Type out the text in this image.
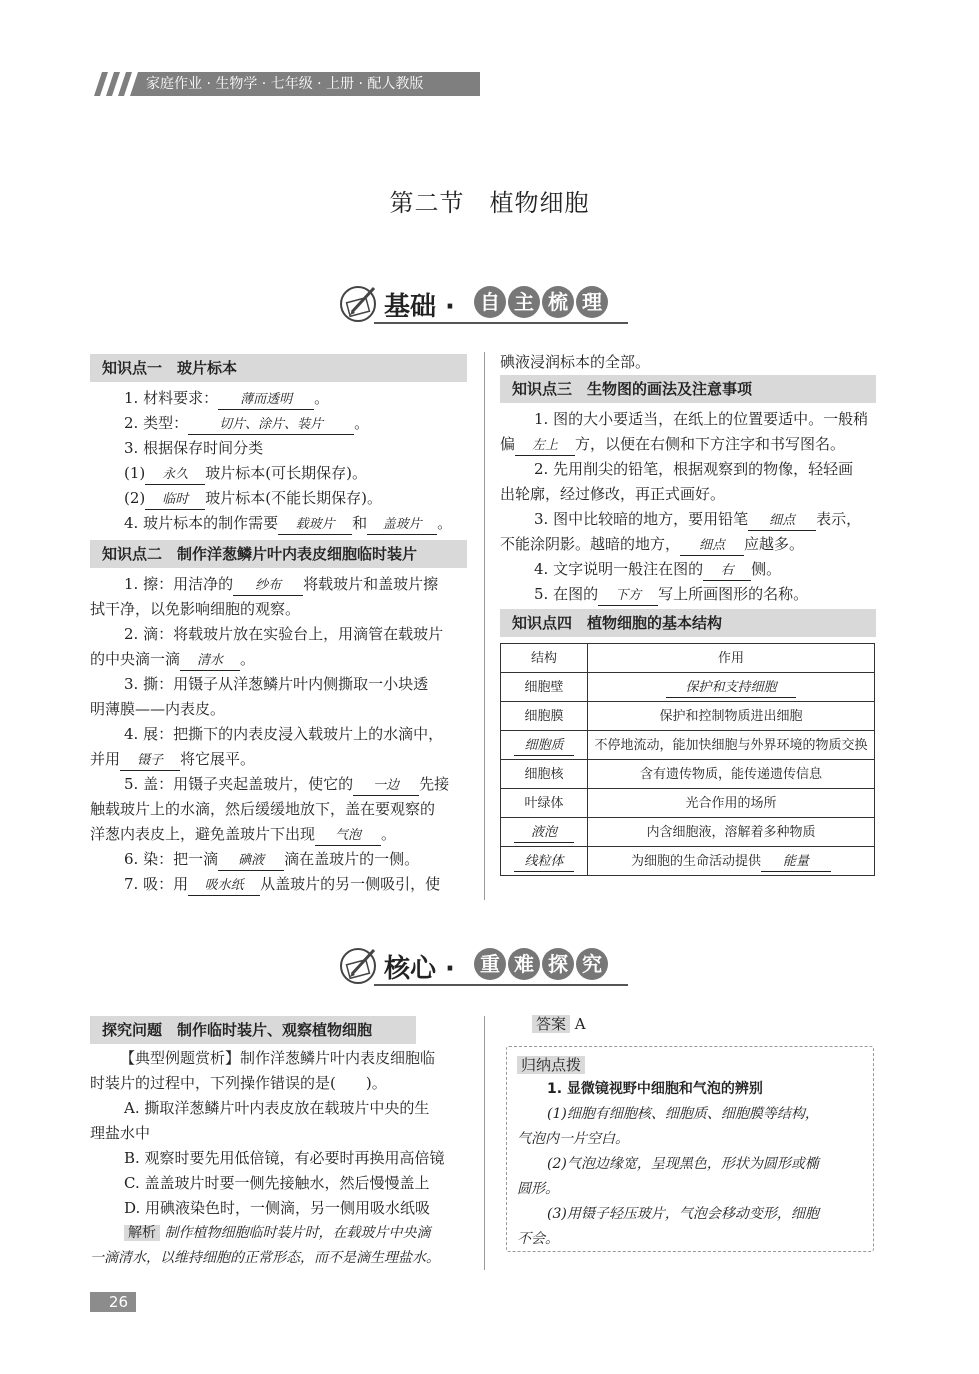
家庭作业 · 生物学 · 七年级 · 上册 · 配人教版
第二节　植物细胞
基础 ·	自 主 梳 理
知识点一　玻片标本

1. 材料要求： 薄而透明 。

2. 类型： 切片、涂片、装片 。

3. 根据保存时间分类

(1) 永久 玻片标本(可长期保存)。

(2) 临时 玻片标本(不能长期保存)。

4. 玻片标本的制作需要 载玻片 和 盖玻片 。

知识点二　制作洋葱鳞片叶内表皮细胞临时装片

1. 擦：用洁净的 纱布 将载玻片和盖玻片擦

拭干净，以免影响细胞的观察。

2. 滴：将载玻片放在实验台上，用滴管在载玻片

的中央滴一滴 清水 。

3. 撕：用镊子从洋葱鳞片叶内侧撕取一小块透

明薄膜——内表皮。

4. 展：把撕下的内表皮浸入载玻片上的水滴中，

并用 镊子 将它展平。

5. 盖：用镊子夹起盖玻片，使它的 一边 先接

触载玻片上的水滴，然后缓缓地放下，盖在要观察的

洋葱内表皮上，避免盖玻片下出现 气泡 。

6. 染：把一滴 碘液 滴在盖玻片的一侧。

7. 吸：用 吸水纸 从盖玻片的另一侧吸引，使

碘液浸润标本的全部。

知识点三　生物图的画法及注意事项

1. 图的大小要适当，在纸上的位置要适中。一般稍

偏 左上 方，以便在右侧和下方注字和书写图名。

2. 先用削尖的铅笔，根据观察到的物像，轻轻画

出轮廓，经过修改，再正式画好。

3. 图中比较暗的地方，要用铅笔 细点 表示，

不能涂阴影。越暗的地方， 细点 应越多。

4. 文字说明一般注在图的 右 侧。

5. 在图的 下方 写上所画图形的名称。

知识点四　植物细胞的基本结构
结构	作用
细胞壁	保护和支持细胞
细胞膜	保护和控制物质进出细胞
细胞质	不停地流动，能加快细胞与外界环境的物质交换
细胞核	含有遗传物质，能传递遗传信息
叶绿体	光合作用的场所
液泡	内含细胞液，溶解着多种物质
线粒体	为细胞的生命活动提供 能量
核心 ·	重 难 探 究
探究问题　制作临时装片、观察植物细胞

【典型例题赏析】制作洋葱鳞片叶内表皮细胞临

时装片的过程中，下列操作错误的是(　　)。

A. 撕取洋葱鳞片叶内表皮放在载玻片中央的生

理盐水中

B. 观察时要先用低倍镜，有必要时再换用高倍镜

C. 盖盖玻片时要一侧先接触水，然后慢慢盖上

D. 用碘液染色时，一侧滴，另一侧用吸水纸吸

解析 制作植物细胞临时装片时，在载玻片中央滴

一滴清水，以维持细胞的正常形态，而不是滴生理盐水。

答案 A
归纳点拨

1. 显微镜视野中细胞和气泡的辨别

(1)细胞有细胞核、细胞质、细胞膜等结构，

气泡内一片空白。

(2)气泡边缘宽，呈现黑色，形状为圆形或椭

圆形。

(3)用镊子轻压玻片，气泡会移动变形，细胞

不会。

26
